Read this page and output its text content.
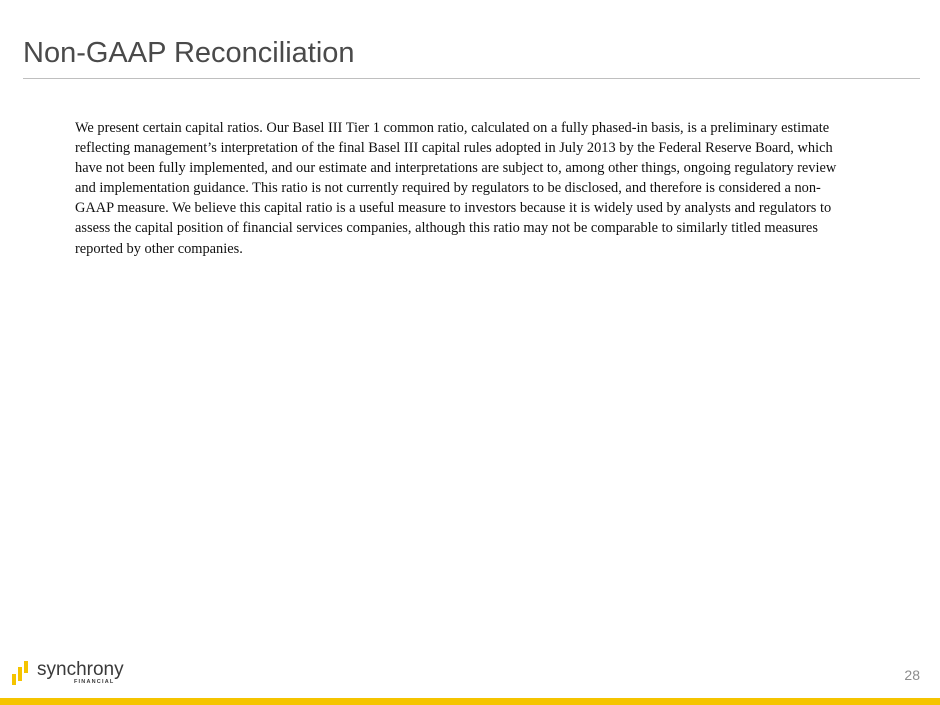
Non-GAAP Reconciliation

We present certain capital ratios. Our Basel III Tier 1 common ratio, calculated on a fully phased-in basis, is a preliminary estimate reflecting management’s interpretation of the final Basel III capital rules adopted in July 2013 by the Federal Reserve Board, which have not been fully implemented, and our estimate and interpretations are subject to, among other things, ongoing regulatory review and implementation guidance. This ratio is not currently required by regulators to be disclosed, and therefore is considered a non-GAAP measure. We believe this capital ratio is a useful measure to investors because it is widely used by analysts and regulators to assess the capital position of financial services companies, although this ratio may not be comparable to similarly titled measures reported by other companies.

synchrony
FINANCIAL	28
